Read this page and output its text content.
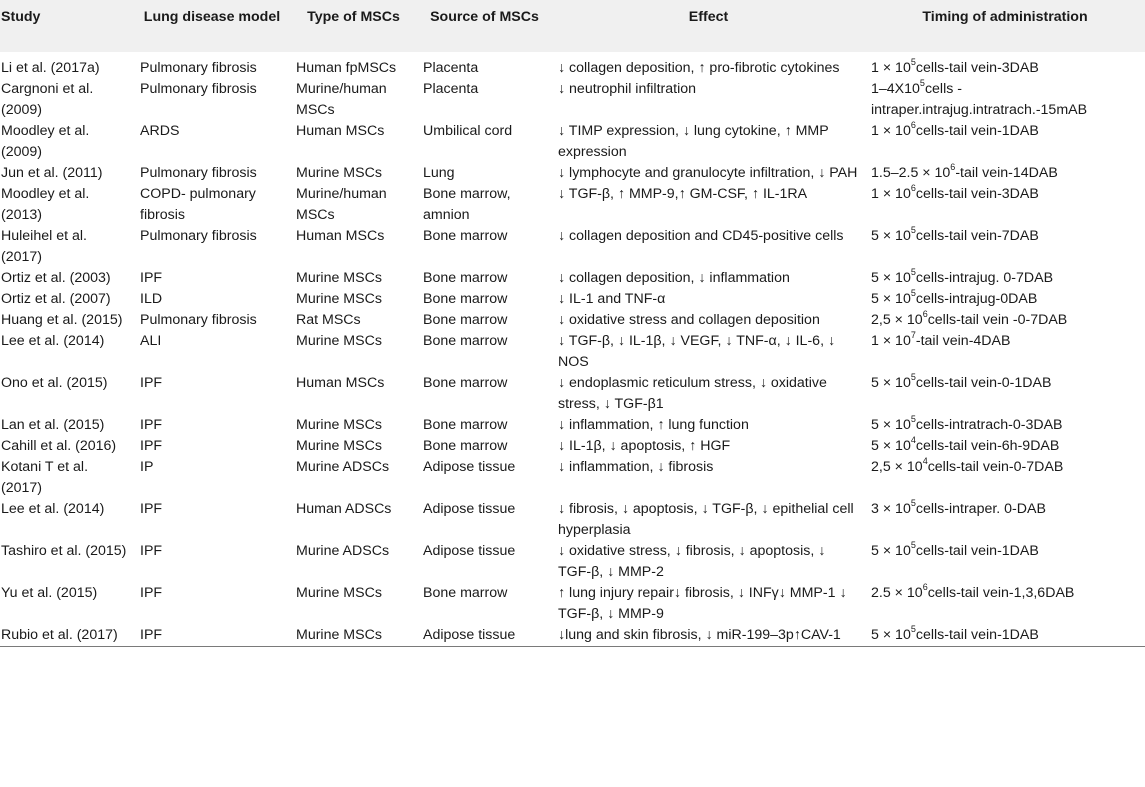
Study	Lung disease model	Type of MSCs	Source of MSCs	Effect	Timing of administration
Li et al. (2017a)	Pulmonary fibrosis	Human fpMSCs	Placenta	↓ collagen deposition, ↑ pro-fibrotic cytokines	$1 \times 10^5cells$-tail vein-3DAB
Cargnoni et al. (2009)	Pulmonary fibrosis	Murine/human MSCs	Placenta	↓ neutrophil infiltration	$1-4X10^5cells$ - intraper.intrajug.intratrach.-15mAB
Moodley et al. (2009)	ARDS	Human MSCs	Umbilical cord	↓ TIMP expression, ↓ lung cytokine, ↑ MMP expression	$1 \times 10^6cells$-tail vein-1DAB
Jun et al. (2011)	Pulmonary fibrosis	Murine MSCs	Lung	↓ lymphocyte and granulocyte infiltration, ↓ PAH	$1.5-2.5 \times 10^6$-tail vein-14DAB
Moodley et al. (2013)	COPD- pulmonary fibrosis	Murine/human MSCs	Bone marrow, amnion	↓ TGF-β, ↑ MMP-9,↑ GM-CSF, ↑ IL-1RA	$1 \times 10^6cells$-tail vein-3DAB
Huleihel et al. (2017)	Pulmonary fibrosis	Human MSCs	Bone marrow	↓ collagen deposition and CD45-positive cells	$5 \times 10^5cells$-tail vein-7DAB
Ortiz et al. (2003)	IPF	Murine MSCs	Bone marrow	↓ collagen deposition, ↓ inflammation	$5 \times 10^5cells$-intrajug. 0-7DAB
Ortiz et al. (2007)	ILD	Murine MSCs	Bone marrow	↓ IL-1 and TNF-α	$5 \times 10^5cells-intrajug-0DAB$
Huang et al. (2015)	Pulmonary fibrosis	Rat MSCs	Bone marrow	↓ oxidative stress and collagen deposition	$2,5 \times 10^6cells$-tail vein -0-7DAB
Lee et al. (2014)	ALI	Murine MSCs	Bone marrow	↓ TGF-β, ↓ IL-1β, ↓ VEGF, ↓ TNF-α, ↓ IL-6, ↓ NOS	$1 \times 10^7$-tail vein-4DAB
Ono et al. (2015)	IPF	Human MSCs	Bone marrow	↓ endoplasmic reticulum stress, ↓ oxidative stress, ↓ TGF-β1	$5 \times 10^5cells$-tail vein-0-1DAB
Lan et al. (2015)	IPF	Murine MSCs	Bone marrow	↓ inflammation, ↑ lung function	$5 \times 10^5cells-intratrach-0-3DAB$
Cahill et al. (2016)	IPF	Murine MSCs	Bone marrow	↓ IL-1β, ↓ apoptosis, ↑ HGF	$5 \times 10^4cells$-tail vein-6h-9DAB
Kotani T et al. (2017)	IP	Murine ADSCs	Adipose tissue	↓ inflammation, ↓ fibrosis	$2,5 \times 10^4cells$-tail vein-0-7DAB
Lee et al. (2014)	IPF	Human ADSCs	Adipose tissue	↓ fibrosis, ↓ apoptosis, ↓ TGF-β, ↓ epithelial cell hyperplasia	$3 \times 10^5cells$-intraper. 0-DAB
Tashiro et al. (2015)	IPF	Murine ADSCs	Adipose tissue	↓ oxidative stress, ↓ fibrosis, ↓ apoptosis, ↓ TGF-β, ↓ MMP-2	$5 \times 10^5cells$-tail vein-1DAB
Yu et al. (2015)	IPF	Murine MSCs	Bone marrow	↑ lung injury repair↓ fibrosis, ↓ INFγ↓ MMP-1 ↓ TGF-β, ↓ MMP-9	$2.5 \times 10^6cells$-tail vein-1,3,6DAB
Rubio et al. (2017)	IPF	Murine MSCs	Adipose tissue	↓lung and skin fibrosis, ↓ miR-199–3p↑CAV-1	$5 \times 10^5cells$-tail vein-1DAB
